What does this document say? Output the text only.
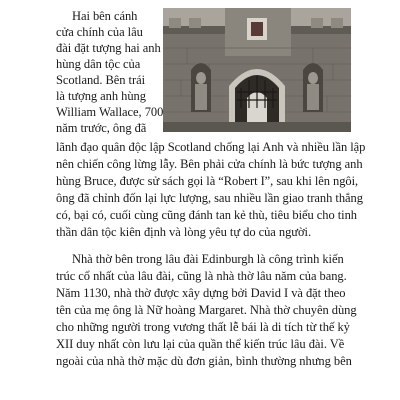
Hai bên cánh
cửa chính của lâu
đài đặt tượng hai anh
hùng dân tộc của
Scotland. Bên trái
là tượng anh hùng
William Wallace, 700
năm trước, ông đã
lãnh đạo quân độc lập Scotland chống lại Anh và nhiều lần lập
nên chiến công lừng lẫy. Bên phải cửa chính là bức tượng anh
hùng Bruce, được sử sách gọi là “Robert I”, sau khi lên ngôi,
ông đã chỉnh đốn lại lực lượng, sau nhiều lần giao tranh thắng
có, bại có, cuối cùng cũng đánh tan kẻ thù, tiêu biểu cho tinh
thần dân tộc kiên định và lòng yêu tự do của người.
Nhà thờ bên trong lâu đài Edinburgh là công trình kiến
trúc cổ nhất của lâu đài, cũng là nhà thờ lâu năm của bang.
Năm 1130, nhà thờ được xây dựng bởi David I và đặt theo
tên của mẹ ông là Nữ hoàng Margaret. Nhà thờ chuyên dùng
cho những người trong vương thất lễ bái là di tích từ thế kỷ
XII duy nhất còn lưu lại của quần thể kiến trúc lâu đài. Về
ngoài của nhà thờ mặc dù đơn giản, bình thường nhưng bên
